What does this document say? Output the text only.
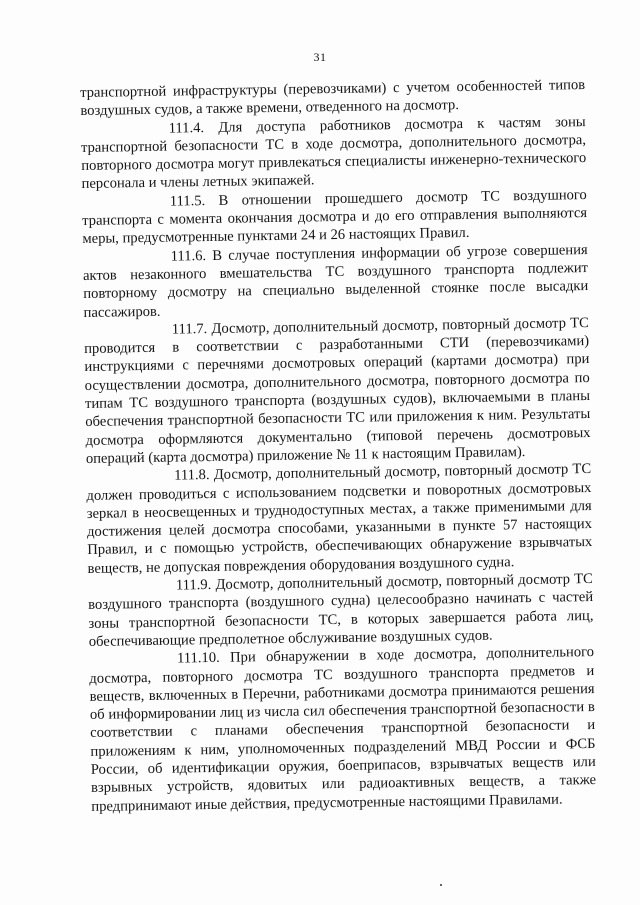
31

транспортной инфраструктуры (перевозчиками) с учетом особенностей типов воздушных судов, а также времени, отведенного на досмотр.

111.4. Для доступа работников досмотра к частям зоны транспортной безопасности ТС в ходе досмотра, дополнительного досмотра, повторного досмотра могут привлекаться специалисты инженерно-технического персонала и члены летных экипажей.

111.5. В отношении прошедшего досмотр ТС воздушного транспорта с момента окончания досмотра и до его отправления выполняются меры, предусмотренные пунктами 24 и 26 настоящих Правил.

111.6. В случае поступления информации об угрозе совершения актов незаконного вмешательства ТС воздушного транспорта подлежит повторному досмотру на специально выделенной стоянке после высадки пассажиров.

111.7. Досмотр, дополнительный досмотр, повторный досмотр ТС проводится в соответствии с разработанными СТИ (перевозчиками) инструкциями с перечнями досмотровых операций (картами досмотра) при осуществлении досмотра, дополнительного досмотра, повторного досмотра по типам ТС воздушного транспорта (воздушных судов), включаемыми в планы обеспечения транспортной безопасности ТС или приложения к ним. Результаты досмотра оформляются документально (типовой перечень досмотровых операций (карта досмотра) приложение № 11 к настоящим Правилам).

111.8. Досмотр, дополнительный досмотр, повторный досмотр ТС должен проводиться с использованием подсветки и поворотных досмотровых зеркал в неосвещенных и труднодоступных местах, а также применимыми для достижения целей досмотра способами, указанными в пункте 57 настоящих Правил, и с помощью устройств, обеспечивающих обнаружение взрывчатых веществ, не допуская повреждения оборудования воздушного судна.

111.9. Досмотр, дополнительный досмотр, повторный досмотр ТС воздушного транспорта (воздушного судна) целесообразно начинать с частей зоны транспортной безопасности ТС, в которых завершается работа лиц, обеспечивающие предполетное обслуживание воздушных судов.

111.10. При обнаружении в ходе досмотра, дополнительного досмотра, повторного досмотра ТС воздушного транспорта предметов и веществ, включенных в Перечни, работниками досмотра принимаются решения об информировании лиц из числа сил обеспечения транспортной безопасности в соответствии с планами обеспечения транспортной безопасности и приложениям к ним, уполномоченных подразделений МВД России и ФСБ России, об идентификации оружия, боеприпасов, взрывчатых веществ или взрывных устройств, ядовитых или радиоактивных веществ, а также предпринимают иные действия, предусмотренные настоящими Правилами.
